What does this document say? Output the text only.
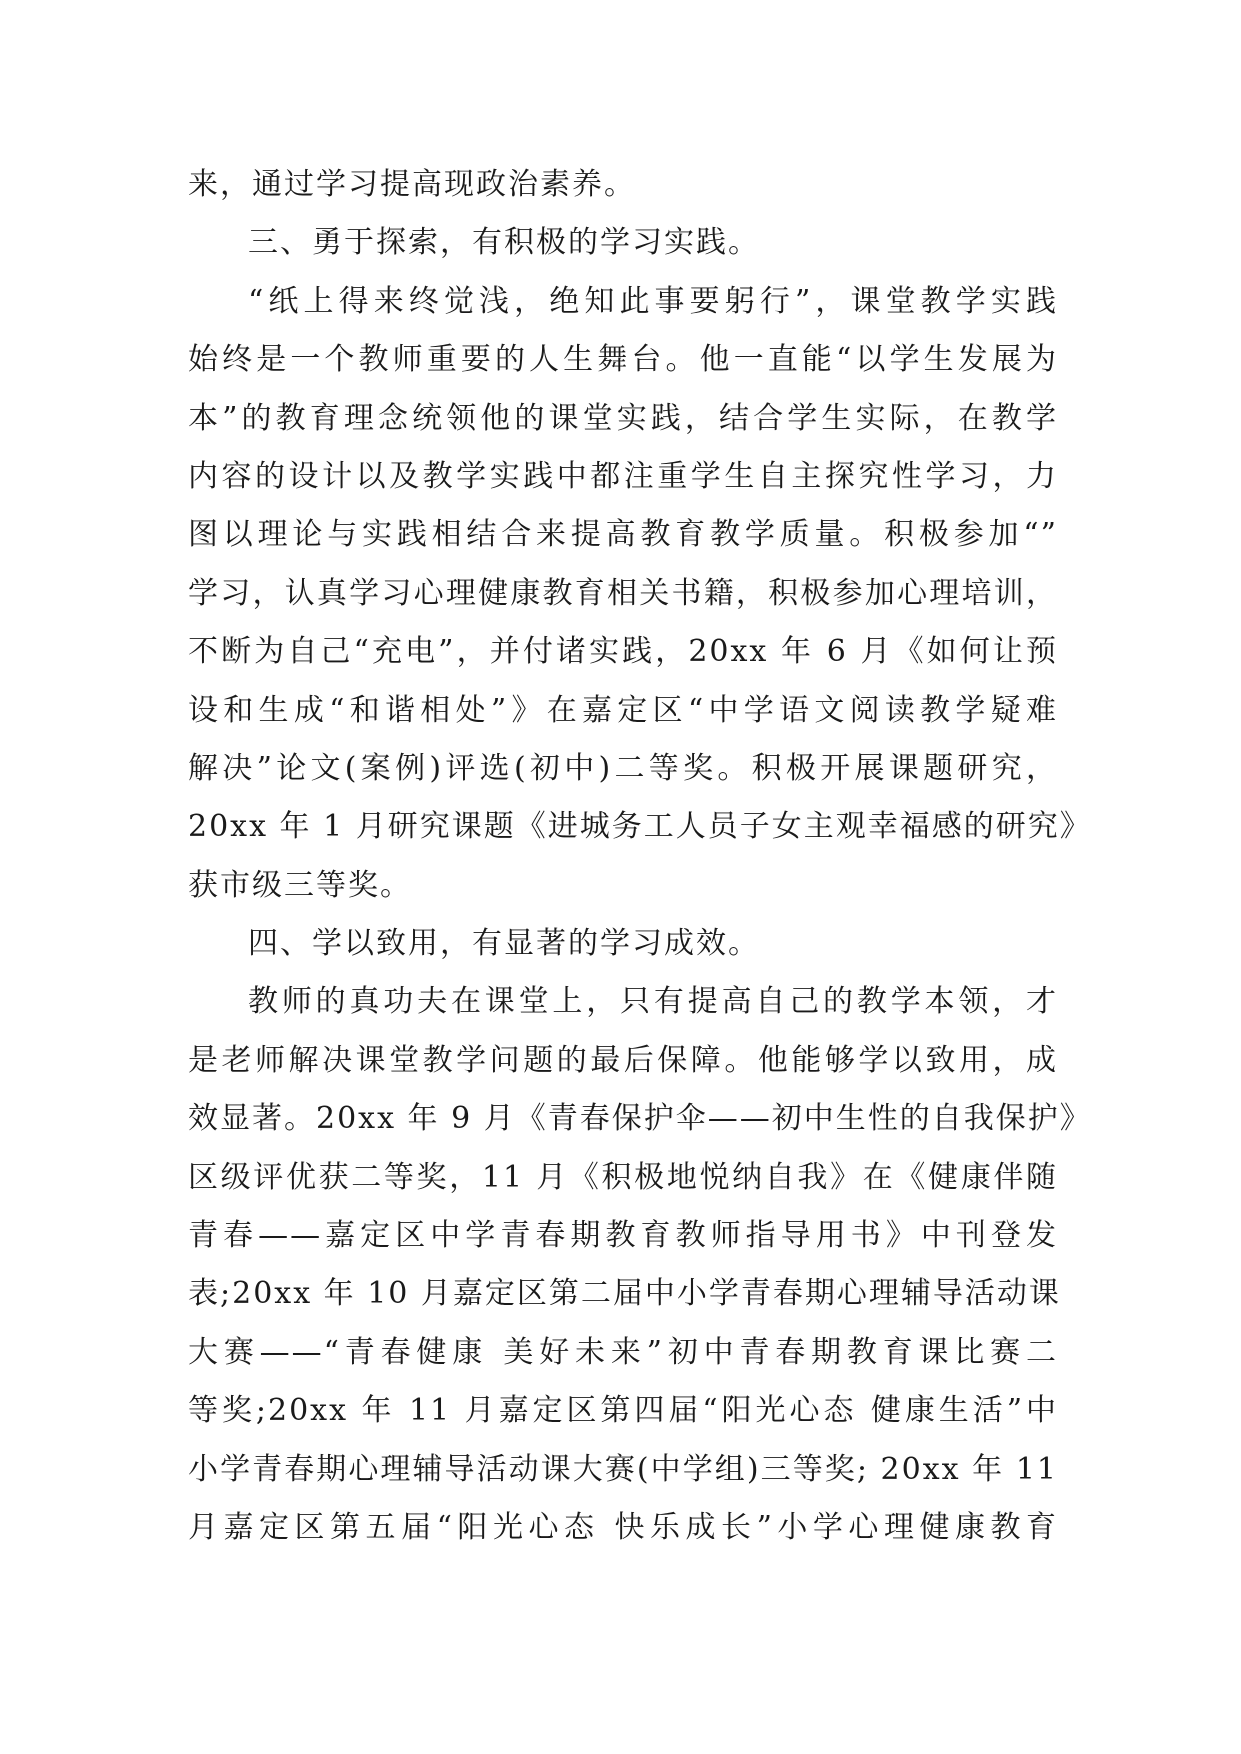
来，通过学习提高现政治素养。
三、勇于探索，有积极的学习实践。
“纸上得来终觉浅，绝知此事要躬行”，课堂教学实践
始终是一个教师重要的人生舞台。他一直能“以学生发展为
本”的教育理念统领他的课堂实践，结合学生实际，在教学
内容的设计以及教学实践中都注重学生自主探究性学习，力
图以理论与实践相结合来提高教育教学质量。积极参加“”
学习，认真学习心理健康教育相关书籍，积极参加心理培训，
不断为自己“充电”，并付诸实践，20xx 年 6 月《如何让预
设和生成“和谐相处”》在嘉定区“中学语文阅读教学疑难
解决”论文(案例)评选(初中)二等奖。积极开展课题研究，
20xx 年 1 月研究课题《进城务工人员子女主观幸福感的研究》
获市级三等奖。
四、学以致用，有显著的学习成效。
教师的真功夫在课堂上，只有提高自己的教学本领，才
是老师解决课堂教学问题的最后保障。他能够学以致用，成
效显著。20xx 年 9 月《青春保护伞——初中生性的自我保护》
区级评优获二等奖，11 月《积极地悦纳自我》在《健康伴随
青春——嘉定区中学青春期教育教师指导用书》中刊登发
表;20xx 年 10 月嘉定区第二届中小学青春期心理辅导活动课
大赛——“青春健康 美好未来”初中青春期教育课比赛二
等奖;20xx 年 11 月嘉定区第四届“阳光心态 健康生活”中
小学青春期心理辅导活动课大赛(中学组)三等奖; 20xx 年 11
月嘉定区第五届“阳光心态 快乐成长”小学心理健康教育
